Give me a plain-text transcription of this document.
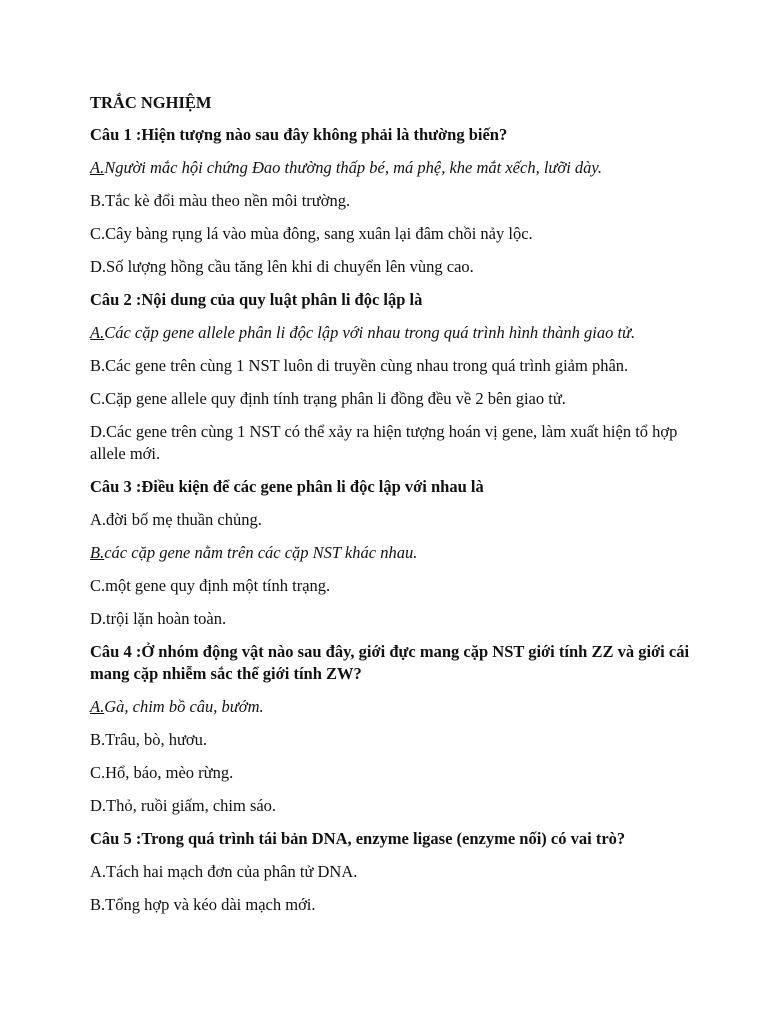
TRẮC NGHIỆM
Câu 1 :Hiện tượng nào sau đây không phải là thường biến?
A.Người mắc hội chứng Đao thường thấp bé, má phệ, khe mắt xếch, lưỡi dày.
B.Tắc kè đổi màu theo nền môi trường.
C.Cây bàng rụng lá vào mùa đông, sang xuân lại đâm chồi nảy lộc.
D.Số lượng hồng cầu tăng lên khi di chuyển lên vùng cao.
Câu 2 :Nội dung của quy luật phân li độc lập là
A.Các cặp gene allele phân li độc lập với nhau trong quá trình hình thành giao tử.
B.Các gene trên cùng 1 NST luôn di truyền cùng nhau trong quá trình giảm phân.
C.Cặp gene allele quy định tính trạng phân li đồng đều về 2 bên giao tử.
D.Các gene trên cùng 1 NST có thể xảy ra hiện tượng hoán vị gene, làm xuất hiện tổ hợp allele mới.
Câu 3 :Điều kiện để các gene phân li độc lập với nhau là
A.đời bố mẹ thuần chủng.
B.các cặp gene nằm trên các cặp NST khác nhau.
C.một gene quy định một tính trạng.
D.trội lặn hoàn toàn.
Câu 4 :Ở nhóm động vật nào sau đây, giới đực mang cặp NST giới tính ZZ và giới cái mang cặp nhiễm sắc thể giới tính ZW?
A.Gà, chim bồ câu, bướm.
B.Trâu, bò, hươu.
C.Hổ, báo, mèo rừng.
D.Thỏ, ruồi giấm, chim sáo.
Câu 5 :Trong quá trình tái bản DNA, enzyme ligase (enzyme nối) có vai trò?
A.Tách hai mạch đơn của phân tử DNA.
B.Tổng hợp và kéo dài mạch mới.
